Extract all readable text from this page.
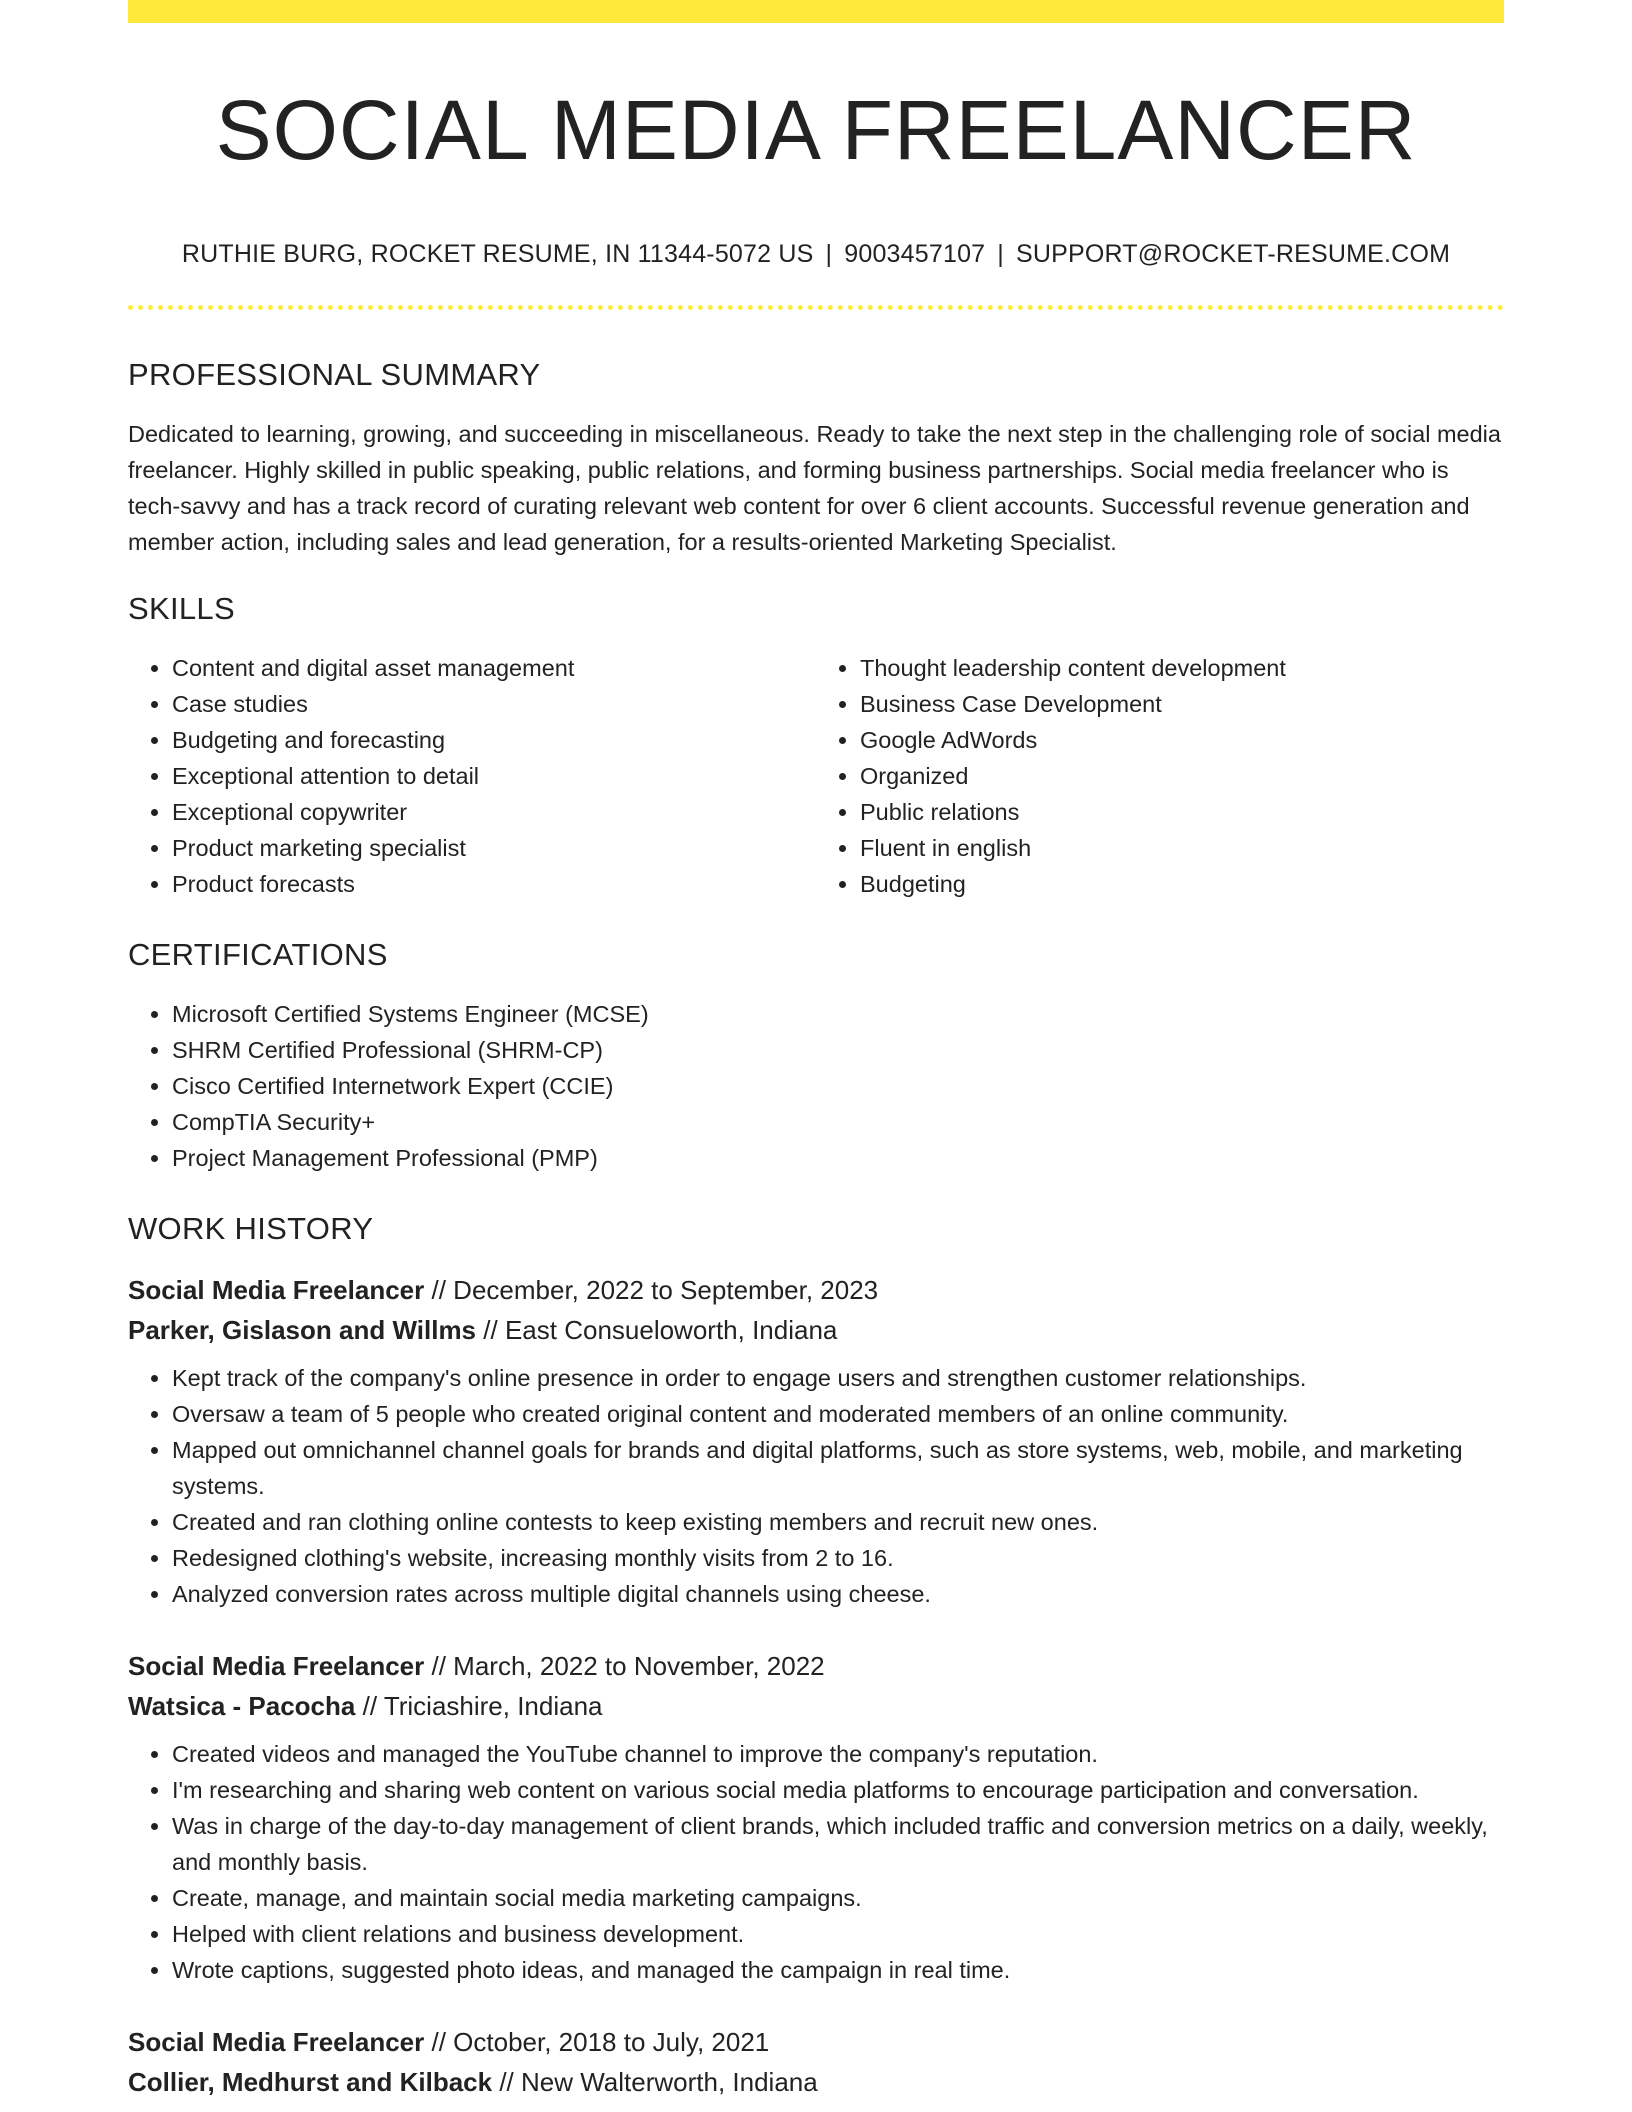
SOCIAL MEDIA FREELANCER
RUTHIE BURG, ROCKET RESUME, IN 11344-5072 US | 9003457107 | SUPPORT@ROCKET-RESUME.COM
PROFESSIONAL SUMMARY

Dedicated to learning, growing, and succeeding in miscellaneous. Ready to take the next step in the challenging role of social media freelancer. Highly skilled in public speaking, public relations, and forming business partnerships. Social media freelancer who is tech-savvy and has a track record of curating relevant web content for over 6 client accounts. Successful revenue generation and member action, including sales and lead generation, for a results-oriented Marketing Specialist.

SKILLS
• Content and digital asset management
• Case studies
• Budgeting and forecasting
• Exceptional attention to detail
• Exceptional copywriter
• Product marketing specialist
• Product forecasts
• Thought leadership content development
• Business Case Development
• Google AdWords
• Organized
• Public relations
• Fluent in english
• Budgeting
CERTIFICATIONS
• Microsoft Certified Systems Engineer (MCSE)
• SHRM Certified Professional (SHRM-CP)
• Cisco Certified Internetwork Expert (CCIE)
• CompTIA Security+
• Project Management Professional (PMP)
WORK HISTORY
Social Media Freelancer // December, 2022 to September, 2023
Parker, Gislason and Willms // East Consueloworth, Indiana
• Kept track of the company's online presence in order to engage users and strengthen customer relationships.
• Oversaw a team of 5 people who created original content and moderated members of an online community.
• Mapped out omnichannel channel goals for brands and digital platforms, such as store systems, web, mobile, and marketing systems.
• Created and ran clothing online contests to keep existing members and recruit new ones.
• Redesigned clothing's website, increasing monthly visits from 2 to 16.
• Analyzed conversion rates across multiple digital channels using cheese.
Social Media Freelancer // March, 2022 to November, 2022
Watsica - Pacocha // Triciashire, Indiana
• Created videos and managed the YouTube channel to improve the company's reputation.
• I'm researching and sharing web content on various social media platforms to encourage participation and conversation.
• Was in charge of the day-to-day management of client brands, which included traffic and conversion metrics on a daily, weekly, and monthly basis.
• Create, manage, and maintain social media marketing campaigns.
• Helped with client relations and business development.
• Wrote captions, suggested photo ideas, and managed the campaign in real time.
Social Media Freelancer // October, 2018 to July, 2021
Collier, Medhurst and Kilback // New Walterworth, Indiana
